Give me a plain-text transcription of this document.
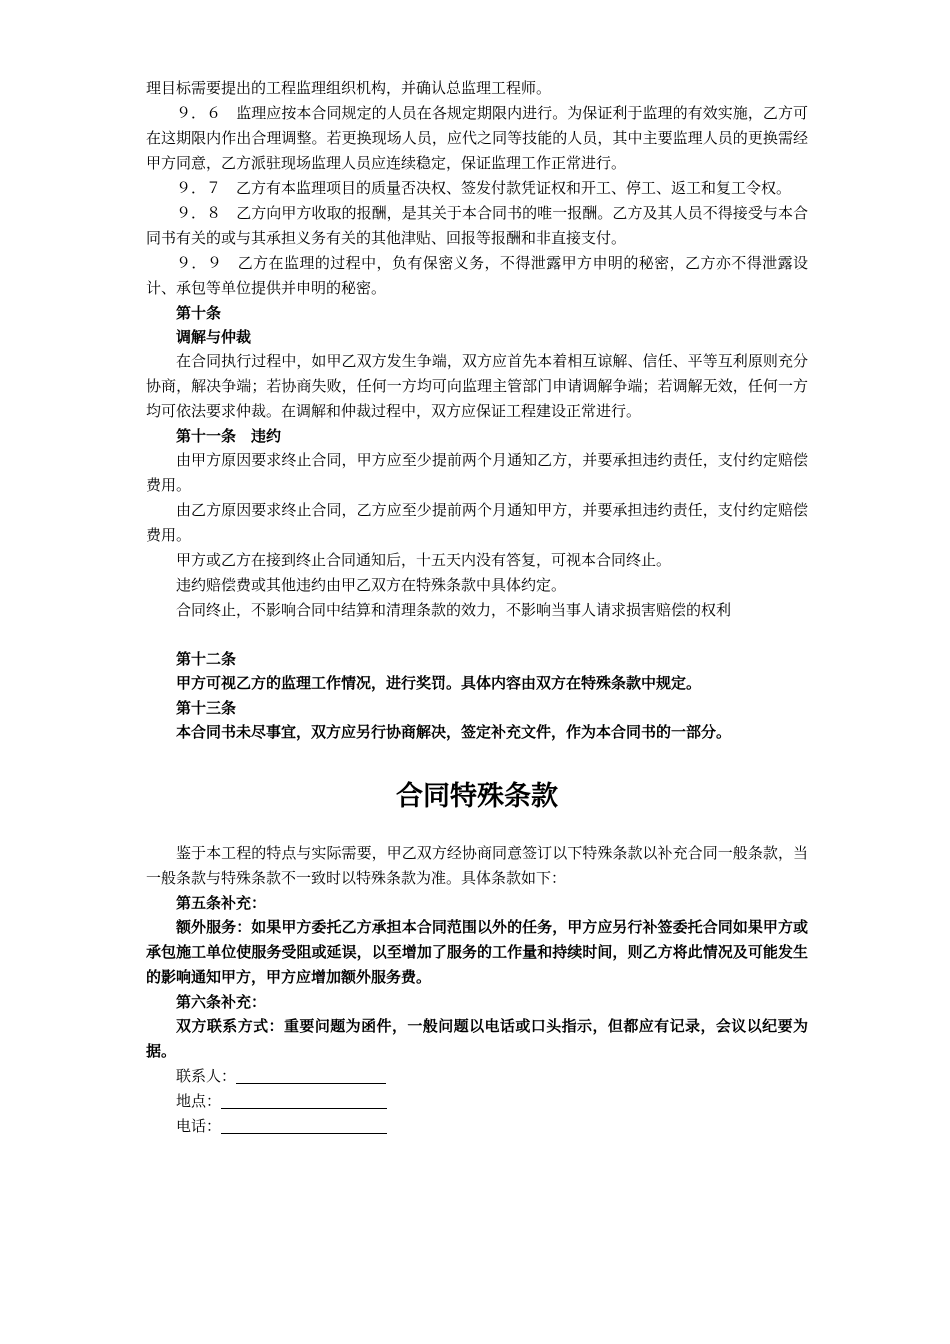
理目标需要提出的工程监理组织机构，并确认总监理工程师。

９．６　监理应按本合同规定的人员在各规定期限内进行。为保证利于监理的有效实施，乙方可在这期限内作出合理调整。若更换现场人员，应代之同等技能的人员，其中主要监理人员的更换需经甲方同意，乙方派驻现场监理人员应连续稳定，保证监理工作正常进行。

９．７　乙方有本监理项目的质量否决权、签发付款凭证权和开工、停工、返工和复工令权。

９．８　乙方向甲方收取的报酬，是其关于本合同书的唯一报酬。乙方及其人员不得接受与本合同书有关的或与其承担义务有关的其他津贴、回报等报酬和非直接支付。

９．９　乙方在监理的过程中，负有保密义务，不得泄露甲方申明的秘密，乙方亦不得泄露设计、承包等单位提供并申明的秘密。

第十条

调解与仲裁

在合同执行过程中，如甲乙双方发生争端，双方应首先本着相互谅解、信任、平等互利原则充分协商，解决争端；若协商失败，任何一方均可向监理主管部门申请调解争端；若调解无效，任何一方均可依法要求仲裁。在调解和仲裁过程中，双方应保证工程建设正常进行。

第十一条　违约

由甲方原因要求终止合同，甲方应至少提前两个月通知乙方，并要承担违约责任，支付约定赔偿费用。

由乙方原因要求终止合同，乙方应至少提前两个月通知甲方，并要承担违约责任，支付约定赔偿费用。

甲方或乙方在接到终止合同通知后，十五天内没有答复，可视本合同终止。

违约赔偿费或其他违约由甲乙双方在特殊条款中具体约定。

合同终止，不影响合同中结算和清理条款的效力，不影响当事人请求损害赔偿的权利

第十二条

甲方可视乙方的监理工作情况，进行奖罚。具体内容由双方在特殊条款中规定。

第十三条

本合同书未尽事宜，双方应另行协商解决，签定补充文件，作为本合同书的一部分。

合同特殊条款

鉴于本工程的特点与实际需要，甲乙双方经协商同意签订以下特殊条款以补充合同一般条款，当一般条款与特殊条款不一致时以特殊条款为准。具体条款如下：

第五条补充：

额外服务：如果甲方委托乙方承担本合同范围以外的任务，甲方应另行补签委托合同如果甲方或承包施工单位使服务受阻或延误，以至增加了服务的工作量和持续时间，则乙方将此情况及可能发生的影响通知甲方，甲方应增加额外服务费。

第六条补充：

双方联系方式：重要问题为函件，一般问题以电话或口头指示，但都应有记录，会议以纪要为据。

联系人：
地点：
电话：
